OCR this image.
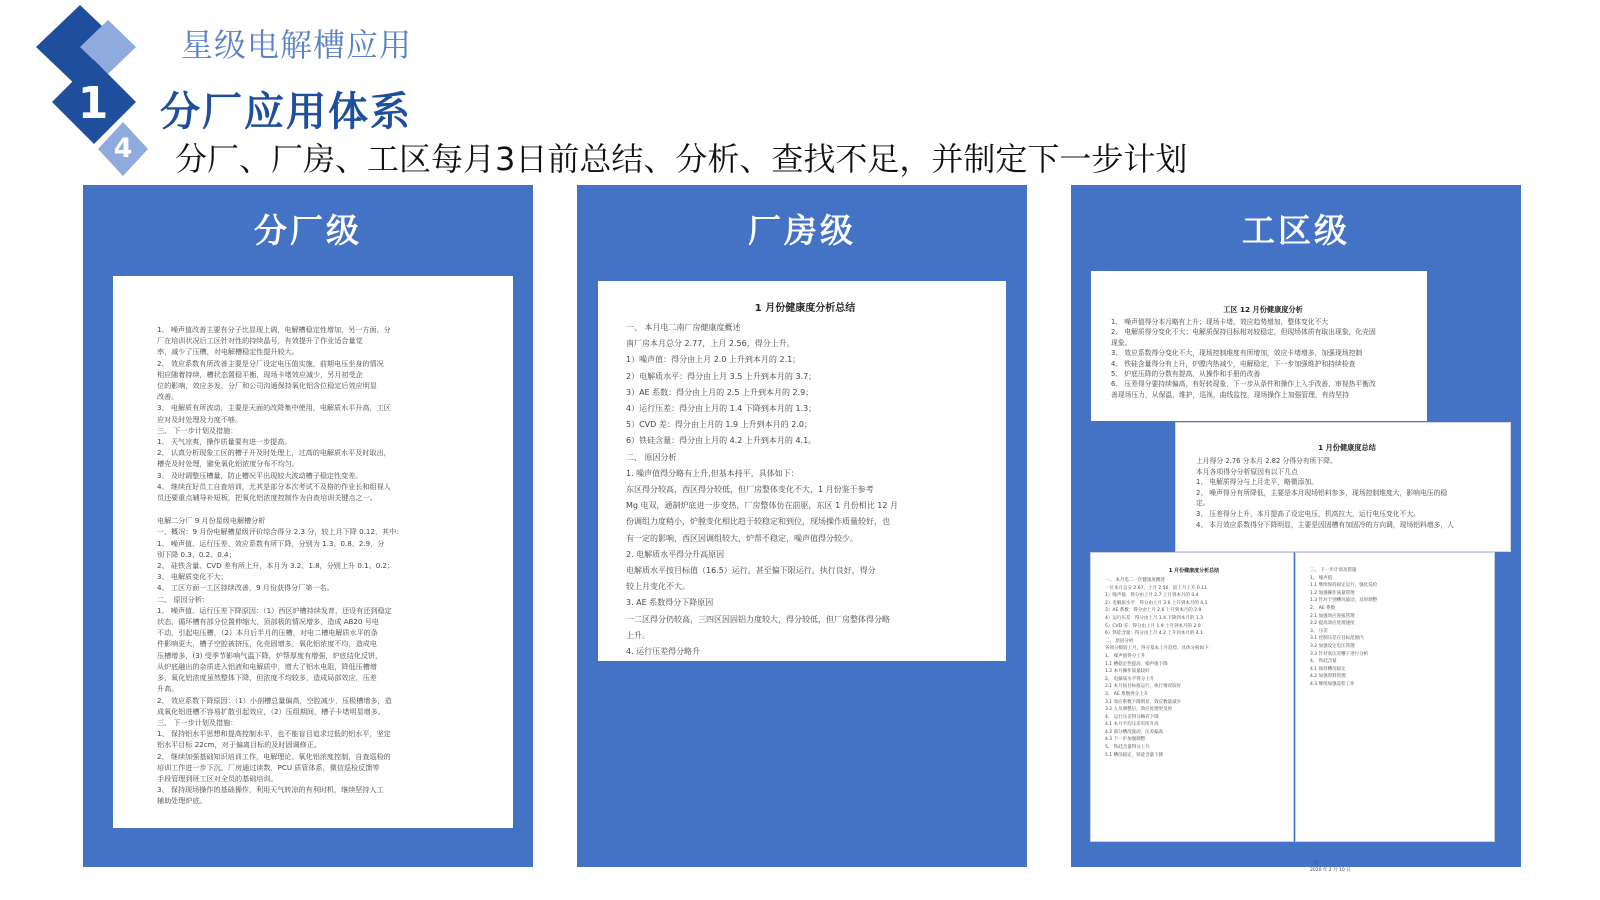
1
4
星级电解槽应用
分厂应用体系
分厂、厂房、工区每月3日前总结、分析、查找不足，并制定下一步计划
分厂级
1、 噪声值改善主要有分子比显现上调，电解槽稳定性增加，另一方面，分
厂在培训状况后工区针对性的持续晶号，有效提升了作业适合量觉
率，减少了压槽，对电解槽稳定性提升较大。
2、 效应系数有所改善主要是分厂设定电压值实施，前期电压坐身的情况
相应随着持续，槽状态置稳平衡，现场卡堵效应减少，另月初受企
位的影响，效应多发，分厂和公司沟通保持氧化铝含位稳定后效应明显
改善。
3、 电解质有所波动，主要是天面的改降集中使用，电解质水平升高，工区
应对及时处理及力度不够。
三、 下一步计划及措施：
1、 天气凉爽，操作质量要有进一步提高。
2、 认真分析现象工区的槽子开及时处理上，过高的电解质水平及时取出，
槽壳及时处理，避免氧化铝浓度分布不均匀。
3、 及时调整压槽量，防止槽况平出现较大波动槽子稳定性变差。
4、 继续在好员工自查培训，尤其是部分本次考试不及格的作业长和组视人
员还要重点辅导补短板，把氧化铝浓度控制作为自查培训关键点之一。

电解二分厂 9 月份星级电解槽分析
一、概况：9 月份电解槽星级评价综合得分 2.3 分，较上月下降 0.12，其中：
1、 噪声值、运行压差、效应系数有所下降，分别为 1.3、0.8、2.9，分
别下降 0.3、0.2、0.4；
2、 硅铁含量、CVD 差有所上升，本月为 3.2、1.8，分别上升 0.1、0.2；
3、 电解质变化不大；
4、 工区方面一工区持续改善，9 月份获得分厂第一名。
二、 原因分析：
1、 噪声值、运行压差下降原因：（1）西区炉槽持续发育，还设有还到稳定
状态，循环槽有部分位置伸缩大，顶部极的情况增多，造成 AB20 号电
不动，引起电压槽，（2）本月后半月的压槽，对电二槽电解质水平的条
件影响更大，槽子空腔被挤压，化壳固增多，氧化铝浓度不均，造成电
压槽增多，(3) 受季节影响气温下降，炉帮厚度有增强，炉底结化反饼，
从炉底融出的杂质进入铝液和电解质中，增大了铝水电阻，降低压槽增
多，氧化铝浓度虽然整体下降，但浓度不均较多，造成局部效应，压差
升高。
2、 效应系数下降原因：（1）小剖槽总量偏高，空腔减少，压极槽增多，造
成氧化铝进槽不容易扩散引起效应，（2）压组期间，槽子卡堵明显增多。
三、 下一步计划及措施：
1、 保持铝水平思想和提高控制水平，也不能盲目追求过低的铝水平，坚定
铝水平目标 22cm，对于偏离目标的及时固调修正。
2、 继续加强基础知识培训工作，电解理论、氧化铝浓度控制，自查巡检的
培训工作进一步下沉，厂房通过读数，PCU 质管体系，微信巡检反馈等
手段管理到班工区对全员的基础培训。
3、 保持现场操作的基础操作，利用天气转凉的有利时机，继续坚持人工
辅助处理炉底。
厂房级
1 月份健康度分析总结
一、 本月电二南厂房健康度概述
南厂房本月总分 2.77，上月 2.56，得分上升。
1）噪声值：得分由上月 2.0 上升到本月的 2.1；
2）电解质水平：得分由上月 3.5 上升到本月的 3.7；
3）AE 系数：得分由上月的 2.5 上升到本月的 2.9；
4）运行压差：得分由上月的 1.4 下降到本月的 1.3；
5）CVD 差：得分由上月的 1.9 上升到本月的 2.0；
6）铁硅含量：得分由上月的 4.2 上升到本月的 4.1。
二、 原因分析
1. 噪声值得分略有上升,但基本持平，具体如下：
东区得分较高，西区得分较低，但厂房整体变化不大，1 月份鉴于参考
Mg 电双，通制炉底进一步变热，厂房整体仿在前驱，东区 1 月份相比 12 月
份调组力度稍小，炉膛变化相比趋于较稳定和到位，现场操作质量较好，也
有一定的影响，西区因调组较大，炉帮不稳定，噪声值得分较少。
2. 电解质水平得分升高原因
电解质水平按目标值（16.5）运行，甚至偏下限运行，执行良好，得分
较上月变化不大。
3. AE 系数得分下降原因
一二区得分仍较高，三四区因固铝力度较大，得分较低，但厂房整体得分略
上升。
4. 运行压差得分略升
工区级
工区 12 月份健康度分析
1、 噪声值得分本月略有上升；现场卡堵，效应趋势增加，整体变化不大
2、 电解质得分变化不大；电解质保持目标相对较稳定，但现场体质有取出现象，化壳固
现象。
3、 效应系数得分变化不大，现场控制堆度有所增加，效应卡堵增多，加强现场控制
4、 铁硅含量得分有上升，炉膛内热减少，电解稳定，下一步加强维护和持续检查
5、 炉底压降的分数有提高，从操作和手册的改善
6、 压差得分要持续偏高，有好转现象，下一步从条件和操作上入手改善，审视热平衡改
善现场压力，从保温，维护，巡视，曲线监控，现场操作上加强管理，有待坚持
1 月份健康度总结
上月得分 2.76 分本月 2.82 分得分有所下降。
本月各项得分分析原因有以下几点
1、 电解质得分与上月走平，略微添加。
2、 噪声得分有所降低，主要是本月现场铝料参多，现场控制堆度大，影响电压的稳
定。
3、 压差得分上升，本月提高了设定电压，机高拉大，运行电压变化不大。
4、 本月效应系数得分下降明显，主要是因固槽有加固冷的方向调，现场铝料增多，人
1 月份健康度分析总结
一、 本月电二一区健康度概述
一区本月总分 2.67，上月 2.56，较上月上升 0.11
1）噪声值：得分由上月 2.7 上升到本月的 3.4
2）电解质水平：得分由上月 3.6 上升到本月的 4.1
3）AE 系数：得分由上月 2.6 上升到本月的 2.9
4）运行压差：得分由上月 1.4 下降到本月的 1.3
5）CVD 差：得分由上月 1.9 上升到本月的 2.0
6）铁硅含量：得分由上月 4.2 上升到本月的 4.1
二、 原因分析
各项分数较上月，得分基本上升趋势，具体分析如下：
1、 噪声值得分上升
1.1 槽稳定性提高，噪声值下降
1.2 本月操作质量较好
2、 电解质水平得分上升
2.1 本月按目标值运行，执行情况较好
3、 AE 系数得分上升
3.1 效应系数下降明显，效应数量减少
3.2 人员调整后，效应处理更及时
4、 运行压差得分略有下降
4.1 本月平均压差有所升高
4.2 部分槽况波动，压差偏高
4.3 下一步加强调整
5、 铁硅含量得分上升
5.1 槽况稳定，铁硅含量下降
三、 下一步计划及措施
1、 噪声值
1.1 继续保持稳定运行，强化巡检
1.2 加强操作质量管理
1.3 针对个别槽况波动，及时调整
2、 AE 系数
2.1 加强效应预报管理
2.2 提高效应处理速度
3、 压差
3.1 控制压差在目标范围内
3.2 加强设定电压管理
3.3 针对高压差槽子进行分析
4、 铁硅含量
4.1 保持槽况稳定
4.2 加强原料管理
4.3 继续加强巡检工作

一区
2020 年 2 月 10 日
